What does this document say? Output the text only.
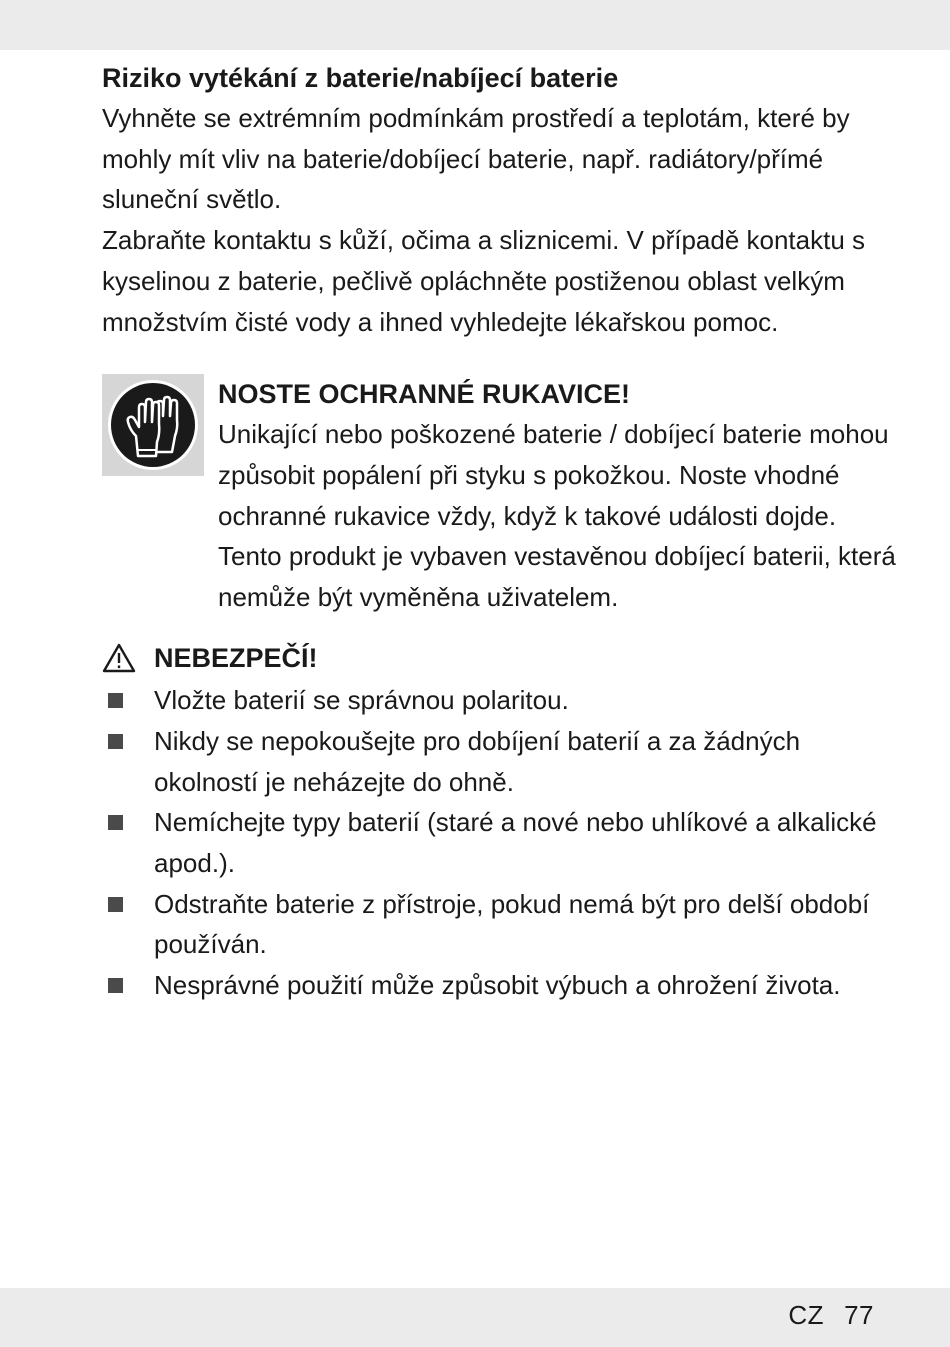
Riziko vytékání z baterie/nabíjecí baterie

Vyhněte se extrémním podmínkám prostředí a teplotám, které by mohly mít vliv na baterie/dobíjecí baterie, např. radiátory/přímé sluneční světlo.

Zabraňte kontaktu s kůží, očima a sliznicemi. V případě kontaktu s kyselinou z baterie, pečlivě opláchněte postiženou oblast velkým množstvím čisté vody a ihned vyhledejte lékařskou pomoc.

NOSTE OCHRANNÉ RUKAVICE!

Unikající nebo poškozené baterie / dobíjecí baterie mohou způsobit popálení při styku s pokožkou. Noste vhodné ochranné rukavice vždy, když k takové události dojde. Tento produkt je vybaven vestavěnou dobíjecí baterii, která nemůže být vyměněna uživatelem.

NEBEZPEČÍ!
Vložte baterií se správnou polaritou.
Nikdy se nepokoušejte pro dobíjení baterií a za žádných okolností je neházejte do ohně.
Nemíchejte typy baterií (staré a nové nebo uhlíkové a alkalické apod.).
Odstraňte baterie z přístroje, pokud nemá být pro delší období používán.
Nesprávné použití může způsobit výbuch a ohrožení života.
CZ 77
